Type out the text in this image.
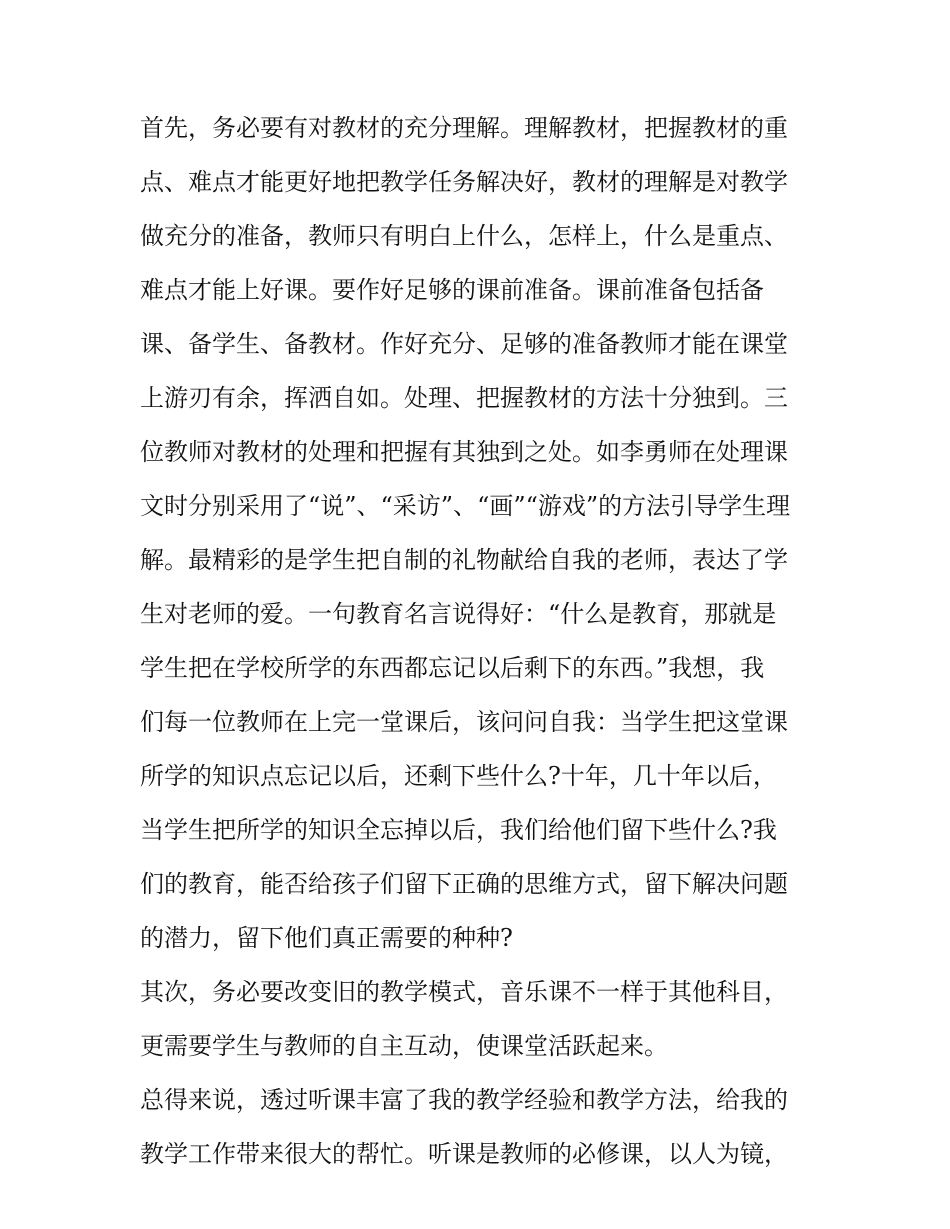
首先，务必要有对教材的充分理解。理解教材，把握教材的重
点、难点才能更好地把教学任务解决好，教材的理解是对教学
做充分的准备，教师只有明白上什么，怎样上，什么是重点、
难点才能上好课。要作好足够的课前准备。课前准备包括备
课、备学生、备教材。作好充分、足够的准备教师才能在课堂
上游刃有余，挥洒自如。处理、把握教材的方法十分独到。三
位教师对教材的处理和把握有其独到之处。如李勇师在处理课
文时分别采用了“说”、“采访”、“画”“游戏”的方法引导学生理
解。最精彩的是学生把自制的礼物献给自我的老师，表达了学
生对老师的爱。一句教育名言说得好：“什么是教育，那就是
学生把在学校所学的东西都忘记以后剩下的东西。”我想，我
们每一位教师在上完一堂课后，该问问自我：当学生把这堂课
所学的知识点忘记以后，还剩下些什么?十年，几十年以后，
当学生把所学的知识全忘掉以后，我们给他们留下些什么?我
们的教育，能否给孩子们留下正确的思维方式，留下解决问题
的潜力，留下他们真正需要的种种?
其次，务必要改变旧的教学模式，音乐课不一样于其他科目，
更需要学生与教师的自主互动，使课堂活跃起来。
总得来说，透过听课丰富了我的教学经验和教学方法，给我的
教学工作带来很大的帮忙。听课是教师的必修课，以人为镜，
